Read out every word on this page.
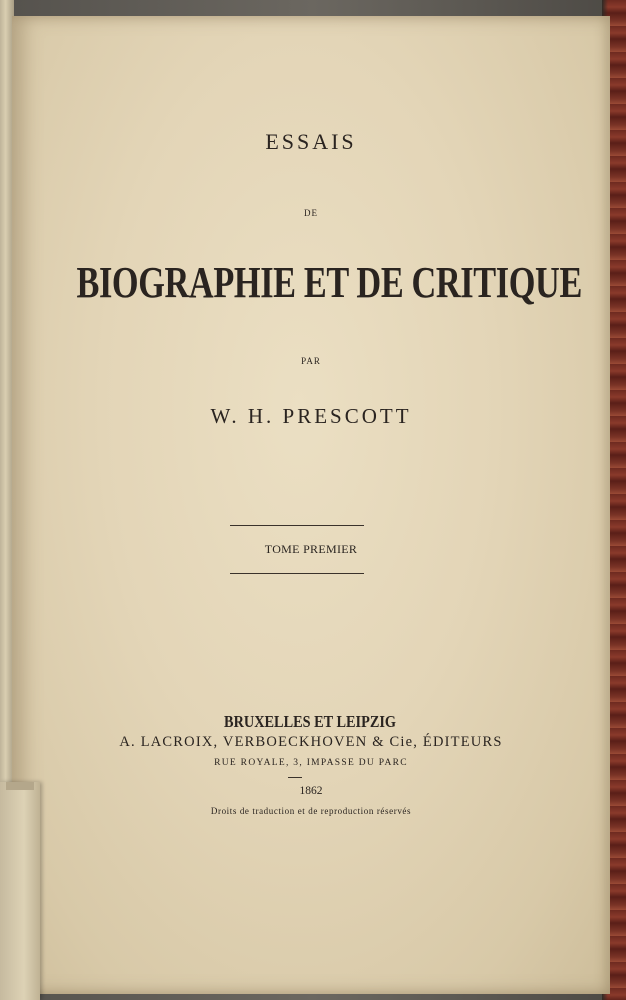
ESSAIS
DE
BIOGRAPHIE ET DE CRITIQUE
PAR
W. H. PRESCOTT
TOME PREMIER
BRUXELLES ET LEIPZIG
A. LACROIX, VERBOECKHOVEN & Cie, ÉDITEURS
RUE ROYALE, 3, IMPASSE DU PARC
1862
Droits de traduction et de reproduction réservés
